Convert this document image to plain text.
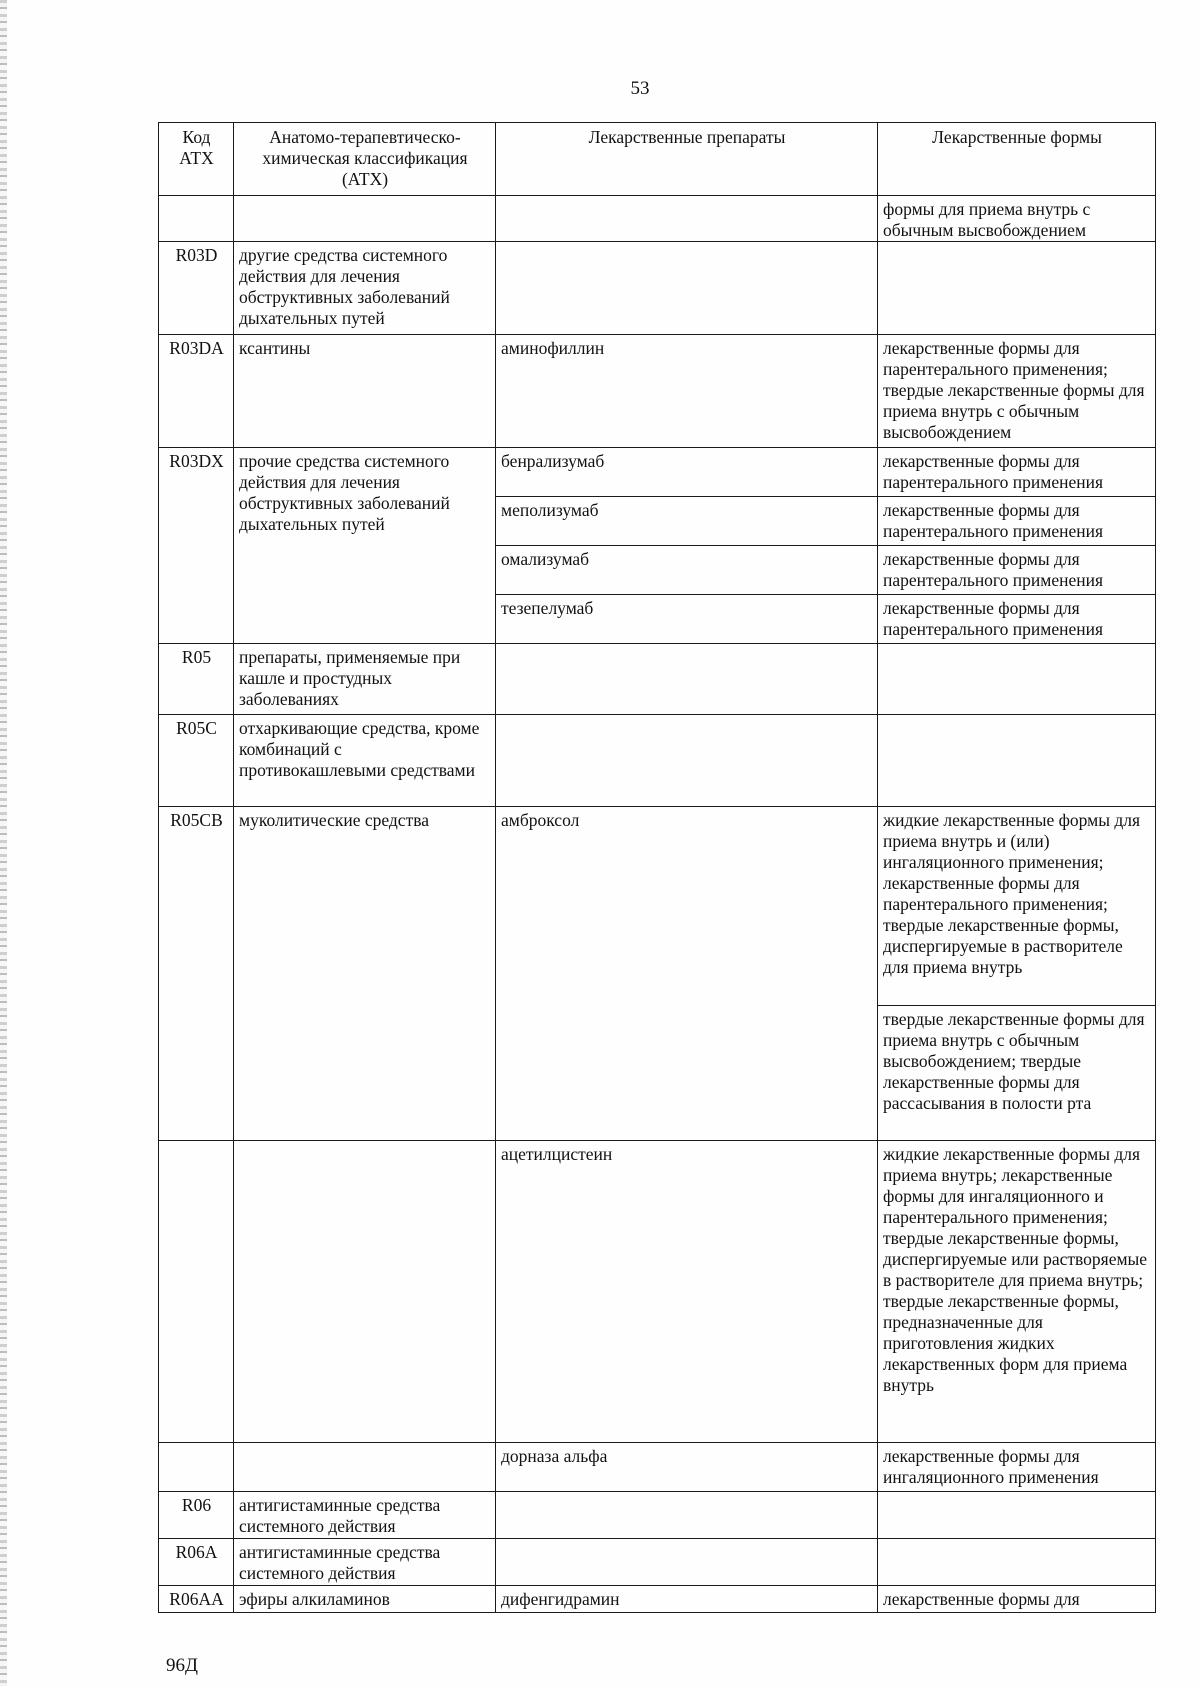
53
Код АТХ	Анатомо-терапевтическо-химическая классификация (АТХ)	Лекарственные препараты	Лекарственные формы
			формы для приема внутрь с обычным высвобождением
R03D	другие средства системного действия для лечения обструктивных заболеваний дыхательных путей		
R03DA	ксантины	аминофиллин	лекарственные формы для парентерального применения; твердые лекарственные формы для приема внутрь с обычным высвобождением
R03DX	прочие средства системного действия для лечения обструктивных заболеваний дыхательных путей	бенрализумаб	лекарственные формы для парентерального применения
		меполизумаб	лекарственные формы для парентерального применения
		омализумаб	лекарственные формы для парентерального применения
		тезепелумаб	лекарственные формы для парентерального применения
R05	препараты, применяемые при кашле и простудных заболеваниях		
R05C	отхаркивающие средства, кроме комбинаций с противокашлевыми средствами		
R05CB	муколитические средства	амброксол	жидкие лекарственные формы для приема внутрь и (или) ингаляционного применения; лекарственные формы для парентерального применения; твердые лекарственные формы, диспергируемые в растворителе для приема внутрь
			твердые лекарственные формы для приема внутрь с обычным высвобождением; твердые лекарственные формы для рассасывания в полости рта
		ацетилцистеин	жидкие лекарственные формы для приема внутрь; лекарственные формы для ингаляционного и парентерального применения; твердые лекарственные формы, диспергируемые или растворяемые в растворителе для приема внутрь; твердые лекарственные формы, предназначенные для приготовления жидких лекарственных форм для приема внутрь
		дорназа альфа	лекарственные формы для ингаляционного применения
R06	антигистаминные средства системного действия		
R06A	антигистаминные средства системного действия		
R06AA	эфиры алкиламинов	дифенгидрамин	лекарственные формы для
96Д
